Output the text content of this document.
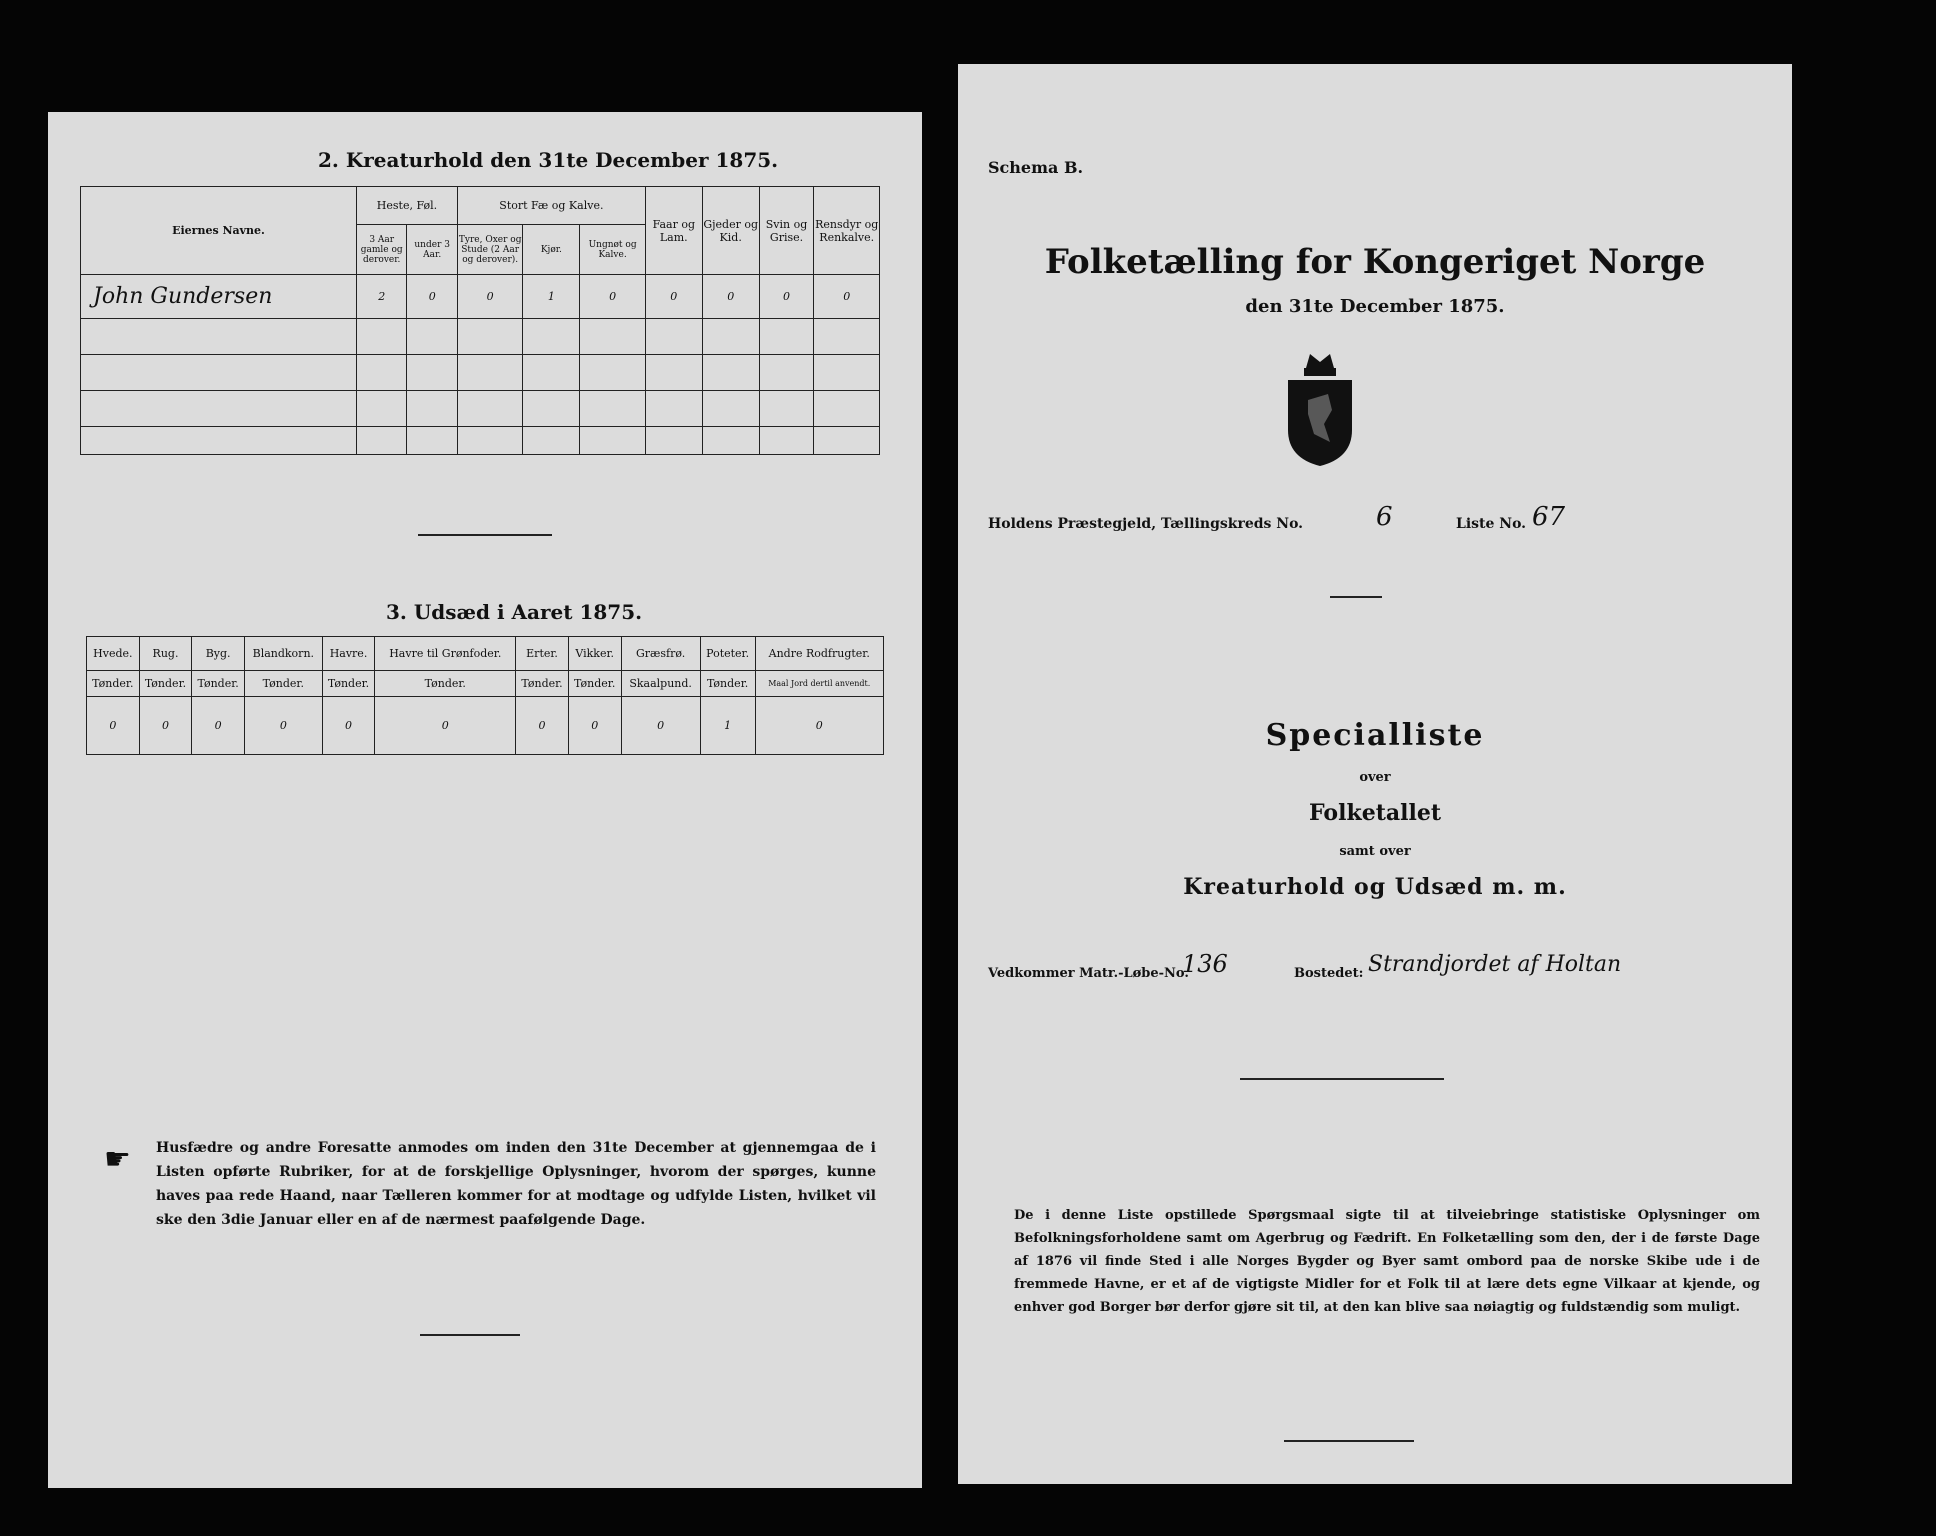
2. Kreaturhold den 31te December 1875.
Eiernes Navne.	Heste, Føl.		Stort Fæ og Kalve.			Faar og Lam.	Gjeder og Kid.	Svin og Grise.	Rensdyr og Renkalve.
	3 Aar gamle og derover.	under 3 Aar.	Tyre, Oxer og Stude (2 Aar og derover).	Kjør.	Ungnøt og Kalve.				
John Gundersen	2	0	0	1	0	0	0	0	0

3. Udsæd i Aaret 1875.
Hvede.	Rug.	Byg.	Blandkorn.	Havre.	Havre til Grønfoder.	Erter.	Vikker.	Græsfrø.	Poteter.	Andre Rodfrugter.
Tønder.	Tønder.	Tønder.	Tønder.	Tønder.	Tønder.	Tønder.	Tønder.	Skaalpund.	Tønder.	Maal Jord dertil anvendt.
0	0	0	0	0	0	0	0	0	1	0
☛ Husfædre og andre Foresatte anmodes om inden den 31te December at gjennemgaa de i Listen opførte Rubriker, for at de forskjellige Oplysninger, hvorom der spørges, kunne haves paa rede Haand, naar Tælleren kommer for at modtage og udfylde Listen, hvilket vil ske den 3die Januar eller en af de nærmest paafølgende Dage.
Schema B.
Folketælling for Kongeriget Norge
den 31te December 1875.
Holdens Præstegjeld, Tællingskreds No.	6	Liste No. 67
Specialliste
over
Folketallet
samt over
Kreaturhold og Udsæd m. m.
Vedkommer Matr.-Løbe-No.
136	Bostedet: Strandjordet af Holtan
De i denne Liste opstillede Spørgsmaal sigte til at tilveiebringe statistiske Oplysninger om Befolkningsforholdene samt om Agerbrug og Fædrift. En Folketælling som den, der i de første Dage af 1876 vil finde Sted i alle Norges Bygder og Byer samt ombord paa de norske Skibe ude i de fremmede Havne, er et af de vigtigste Midler for et Folk til at lære dets egne Vilkaar at kjende, og enhver god Borger bør derfor gjøre sit til, at den kan blive saa nøiagtig og fuldstændig som muligt.
